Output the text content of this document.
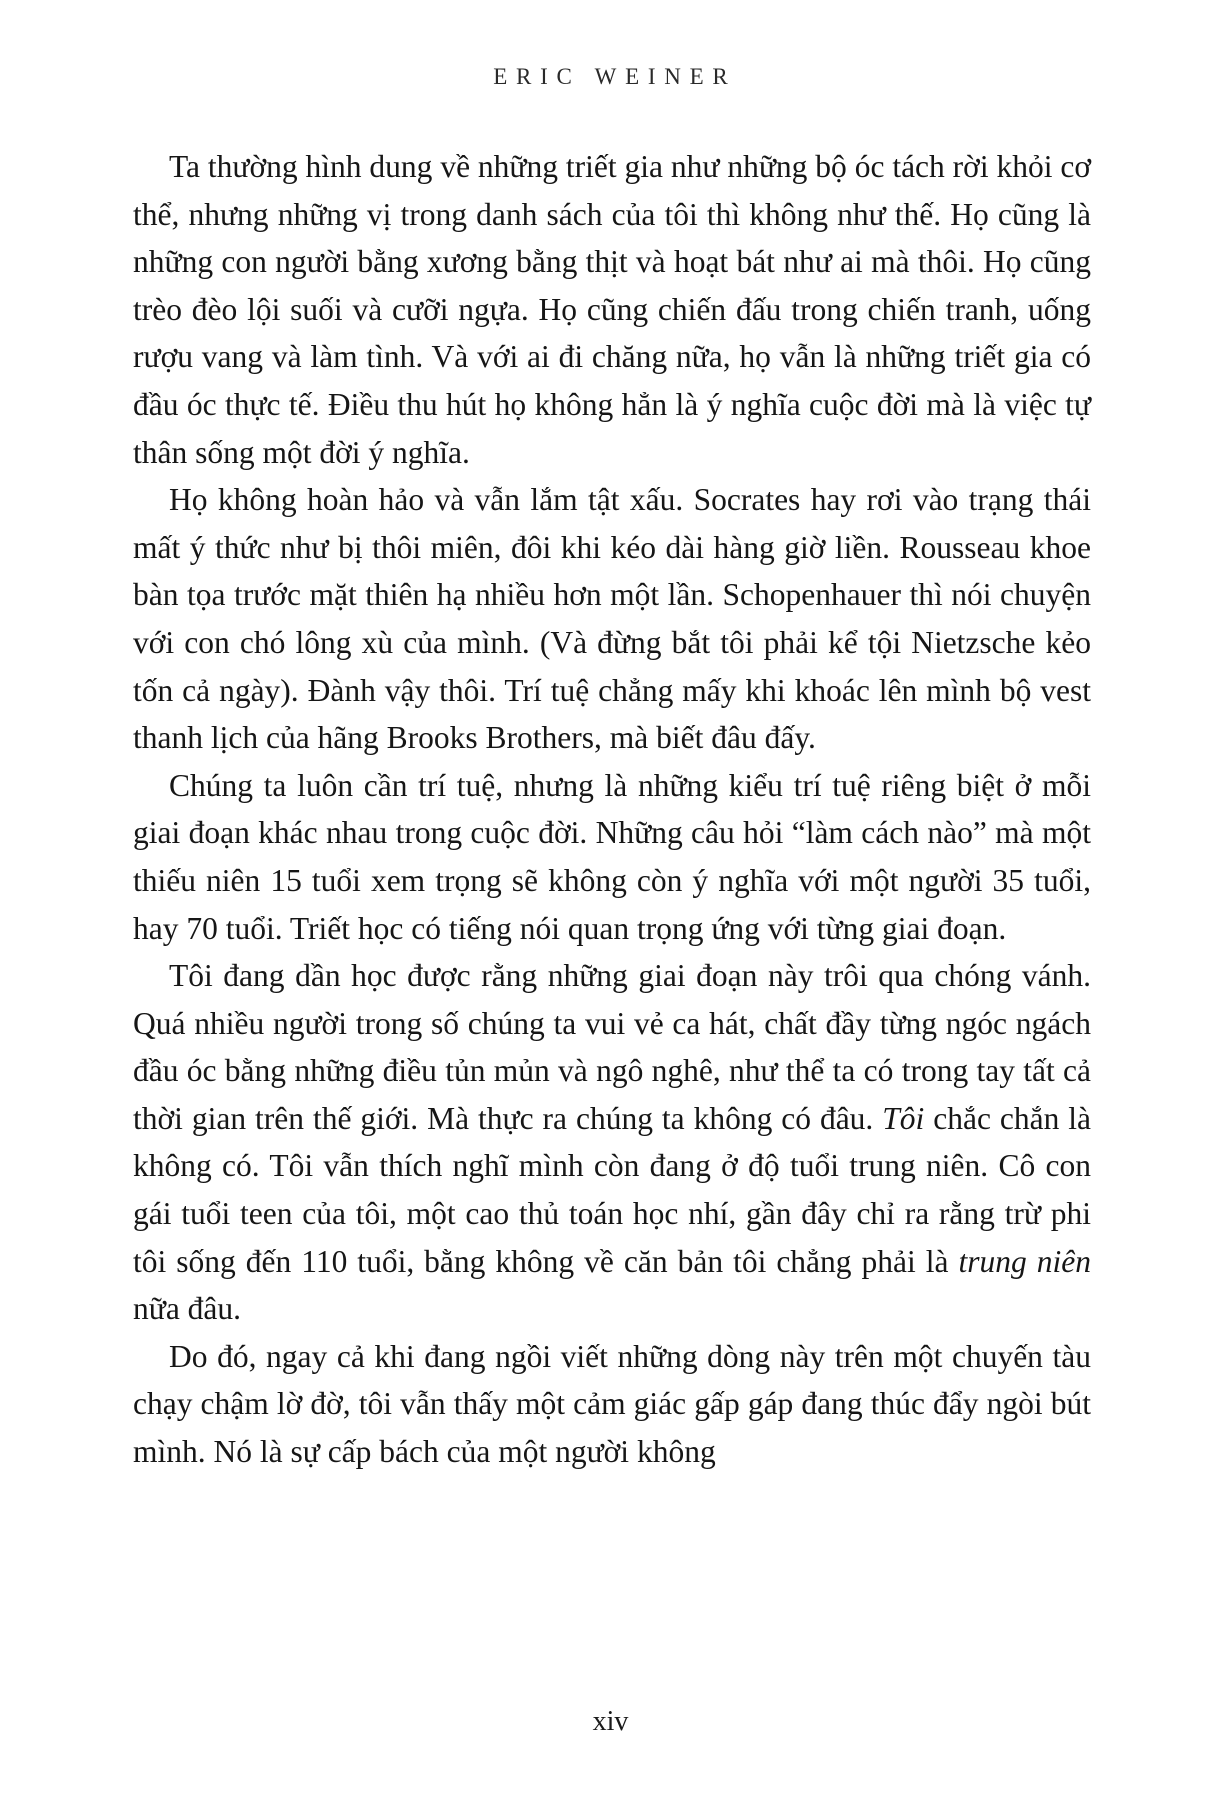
ERIC WEINER

Ta thường hình dung về những triết gia như những bộ óc tách rời khỏi cơ thể, nhưng những vị trong danh sách của tôi thì không như thế. Họ cũng là những con người bằng xương bằng thịt và hoạt bát như ai mà thôi. Họ cũng trèo đèo lội suối và cưỡi ngựa. Họ cũng chiến đấu trong chiến tranh, uống rượu vang và làm tình. Và với ai đi chăng nữa, họ vẫn là những triết gia có đầu óc thực tế. Điều thu hút họ không hẳn là ý nghĩa cuộc đời mà là việc tự thân sống một đời ý nghĩa.

Họ không hoàn hảo và vẫn lắm tật xấu. Socrates hay rơi vào trạng thái mất ý thức như bị thôi miên, đôi khi kéo dài hàng giờ liền. Rousseau khoe bàn tọa trước mặt thiên hạ nhiều hơn một lần. Schopenhauer thì nói chuyện với con chó lông xù của mình. (Và đừng bắt tôi phải kể tội Nietzsche kẻo tốn cả ngày). Đành vậy thôi. Trí tuệ chẳng mấy khi khoác lên mình bộ vest thanh lịch của hãng Brooks Brothers, mà biết đâu đấy.

Chúng ta luôn cần trí tuệ, nhưng là những kiểu trí tuệ riêng biệt ở mỗi giai đoạn khác nhau trong cuộc đời. Những câu hỏi “làm cách nào” mà một thiếu niên 15 tuổi xem trọng sẽ không còn ý nghĩa với một người 35 tuổi, hay 70 tuổi. Triết học có tiếng nói quan trọng ứng với từng giai đoạn.

Tôi đang dần học được rằng những giai đoạn này trôi qua chóng vánh. Quá nhiều người trong số chúng ta vui vẻ ca hát, chất đầy từng ngóc ngách đầu óc bằng những điều tủn mủn và ngô nghê, như thể ta có trong tay tất cả thời gian trên thế giới. Mà thực ra chúng ta không có đâu. Tôi chắc chắn là không có. Tôi vẫn thích nghĩ mình còn đang ở độ tuổi trung niên. Cô con gái tuổi teen của tôi, một cao thủ toán học nhí, gần đây chỉ ra rằng trừ phi tôi sống đến 110 tuổi, bằng không về căn bản tôi chẳng phải là trung niên nữa đâu.

Do đó, ngay cả khi đang ngồi viết những dòng này trên một chuyến tàu chạy chậm lờ đờ, tôi vẫn thấy một cảm giác gấp gáp đang thúc đẩy ngòi bút mình. Nó là sự cấp bách của một người không

xiv
